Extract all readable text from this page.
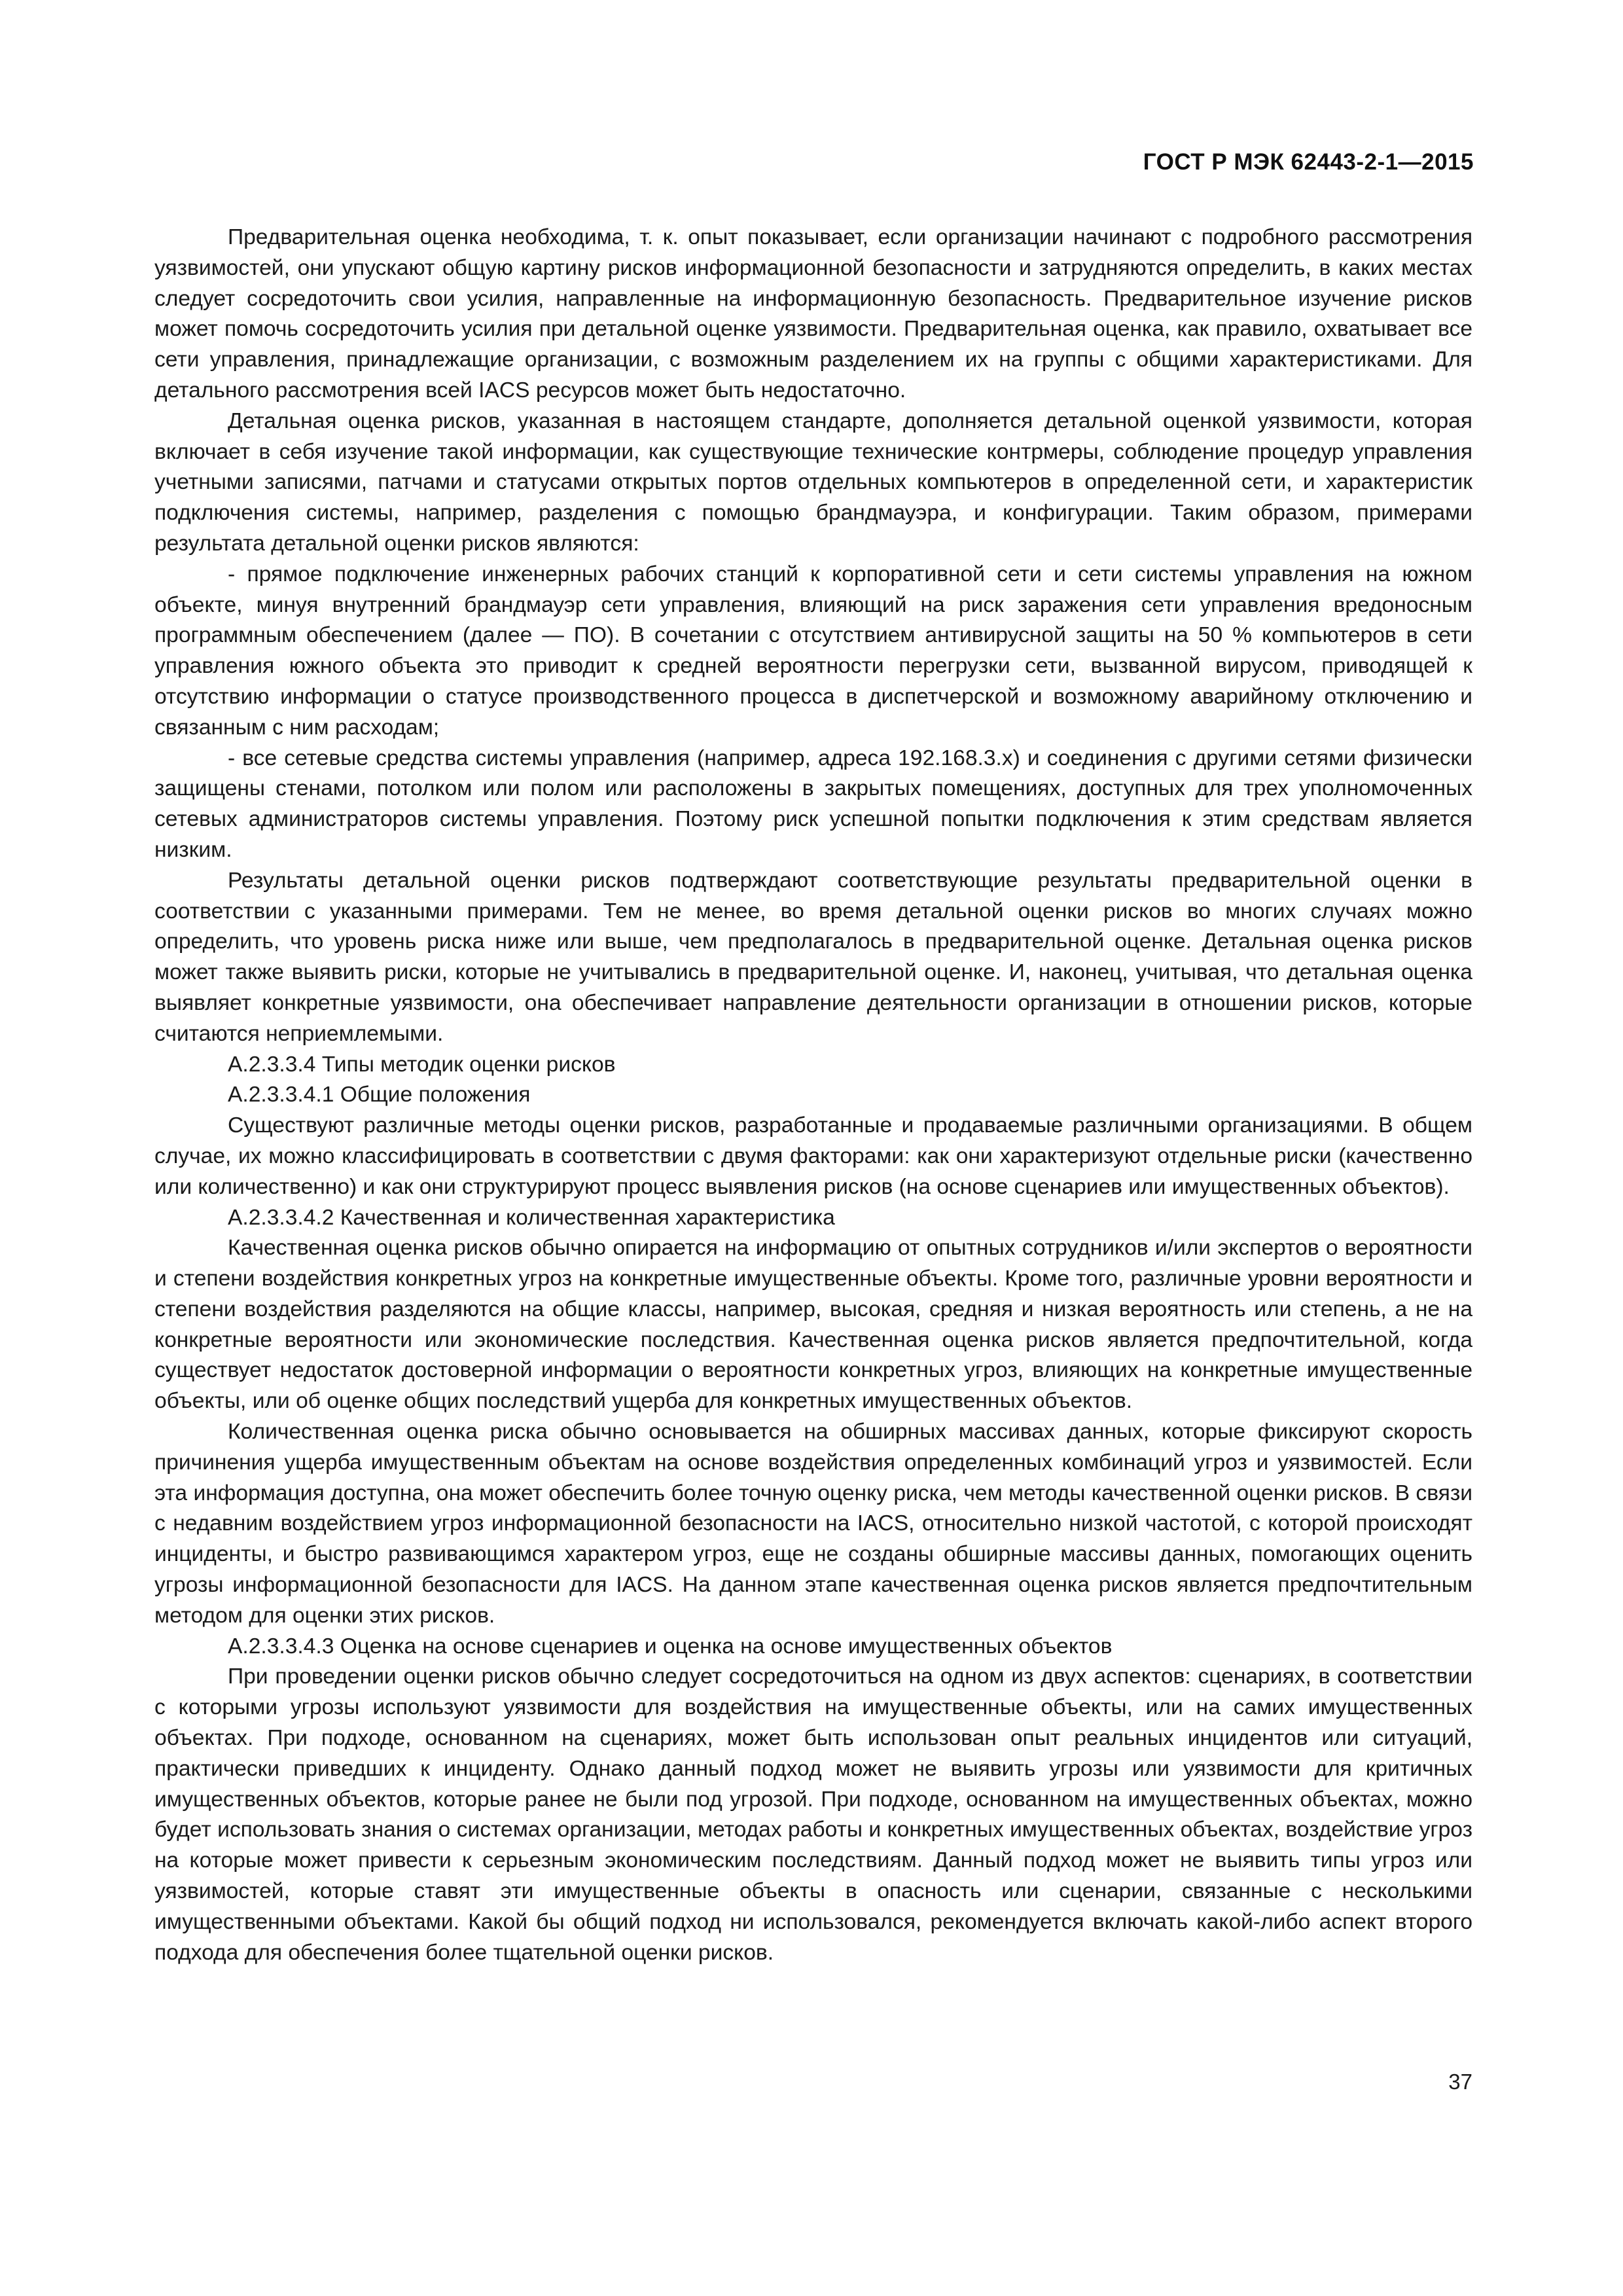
ГОСТ Р МЭК 62443-2-1—2015

Предварительная оценка необходима, т. к. опыт показывает, если организации начинают с подробного рассмотрения уязвимостей, они упускают общую картину рисков информационной безопасности и затрудняются определить, в каких местах следует сосредоточить свои усилия, направленные на информационную безопасность. Предварительное изучение рисков может помочь сосредоточить усилия при детальной оценке уязвимости. Предварительная оценка, как правило, охватывает все сети управления, принадлежащие организации, с возможным разделением их на группы с общими характеристиками. Для детального рассмотрения всей IACS ресурсов может быть недостаточно.

Детальная оценка рисков, указанная в настоящем стандарте, дополняется детальной оценкой уязвимости, которая включает в себя изучение такой информации, как существующие технические контрмеры, соблюдение процедур управления учетными записями, патчами и статусами открытых портов отдельных компьютеров в определенной сети, и характеристик подключения системы, например, разделения с помощью брандмауэра, и конфигурации. Таким образом, примерами результата детальной оценки рисков являются:

- прямое подключение инженерных рабочих станций к корпоративной сети и сети системы управления на южном объекте, минуя внутренний брандмауэр сети управления, влияющий на риск заражения сети управления вредоносным программным обеспечением (далее — ПО). В сочетании с отсутствием антивирусной защиты на 50 % компьютеров в сети управления южного объекта это приводит к средней вероятности перегрузки сети, вызванной вирусом, приводящей к отсутствию информации о статусе производственного процесса в диспетчерской и возможному аварийному отключению и связанным с ним расходам;

- все сетевые средства системы управления (например, адреса 192.168.3.x) и соединения с другими сетями физически защищены стенами, потолком или полом или расположены в закрытых помещениях, доступных для трех уполномоченных сетевых администраторов системы управления. Поэтому риск успешной попытки подключения к этим средствам является низким.

Результаты детальной оценки рисков подтверждают соответствующие результаты предварительной оценки в соответствии с указанными примерами. Тем не менее, во время детальной оценки рисков во многих случаях можно определить, что уровень риска ниже или выше, чем предполагалось в предварительной оценке. Детальная оценка рисков может также выявить риски, которые не учитывались в предварительной оценке. И, наконец, учитывая, что детальная оценка выявляет конкретные уязвимости, она обеспечивает направление деятельности организации в отношении рисков, которые считаются неприемлемыми.

А.2.3.3.4 Типы методик оценки рисков

А.2.3.3.4.1 Общие положения

Существуют различные методы оценки рисков, разработанные и продаваемые различными организациями. В общем случае, их можно классифицировать в соответствии с двумя факторами: как они характеризуют отдельные риски (качественно или количественно) и как они структурируют процесс выявления рисков (на основе сценариев или имущественных объектов).

А.2.3.3.4.2 Качественная и количественная характеристика

Качественная оценка рисков обычно опирается на информацию от опытных сотрудников и/или экспертов о вероятности и степени воздействия конкретных угроз на конкретные имущественные объекты. Кроме того, различные уровни вероятности и степени воздействия разделяются на общие классы, например, высокая, средняя и низкая вероятность или степень, а не на конкретные вероятности или экономические последствия. Качественная оценка рисков является предпочтительной, когда существует недостаток достоверной информации о вероятности конкретных угроз, влияющих на конкретные имущественные объекты, или об оценке общих последствий ущерба для конкретных имущественных объектов.

Количественная оценка риска обычно основывается на обширных массивах данных, которые фиксируют скорость причинения ущерба имущественным объектам на основе воздействия определенных комбинаций угроз и уязвимостей. Если эта информация доступна, она может обеспечить более точную оценку риска, чем методы качественной оценки рисков. В связи с недавним воздействием угроз информационной безопасности на IACS, относительно низкой частотой, с которой происходят инциденты, и быстро развивающимся характером угроз, еще не созданы обширные массивы данных, помогающих оценить угрозы информационной безопасности для IACS. На данном этапе качественная оценка рисков является предпочтительным методом для оценки этих рисков.

А.2.3.3.4.3 Оценка на основе сценариев и оценка на основе имущественных объектов

При проведении оценки рисков обычно следует сосредоточиться на одном из двух аспектов: сценариях, в соответствии с которыми угрозы используют уязвимости для воздействия на имущественные объекты, или на самих имущественных объектах. При подходе, основанном на сценариях, может быть использован опыт реальных инцидентов или ситуаций, практически приведших к инциденту. Однако данный подход может не выявить угрозы или уязвимости для критичных имущественных объектов, которые ранее не были под угрозой. При подходе, основанном на имущественных объектах, можно будет использовать знания о системах организации, методах работы и конкретных имущественных объектах, воздействие угроз на которые может привести к серьезным экономическим последствиям. Данный подход может не выявить типы угроз или уязвимостей, которые ставят эти имущественные объекты в опасность или сценарии, связанные с несколькими имущественными объектами. Какой бы общий подход ни использовался, рекомендуется включать какой-либо аспект второго подхода для обеспечения более тщательной оценки рисков.

37
